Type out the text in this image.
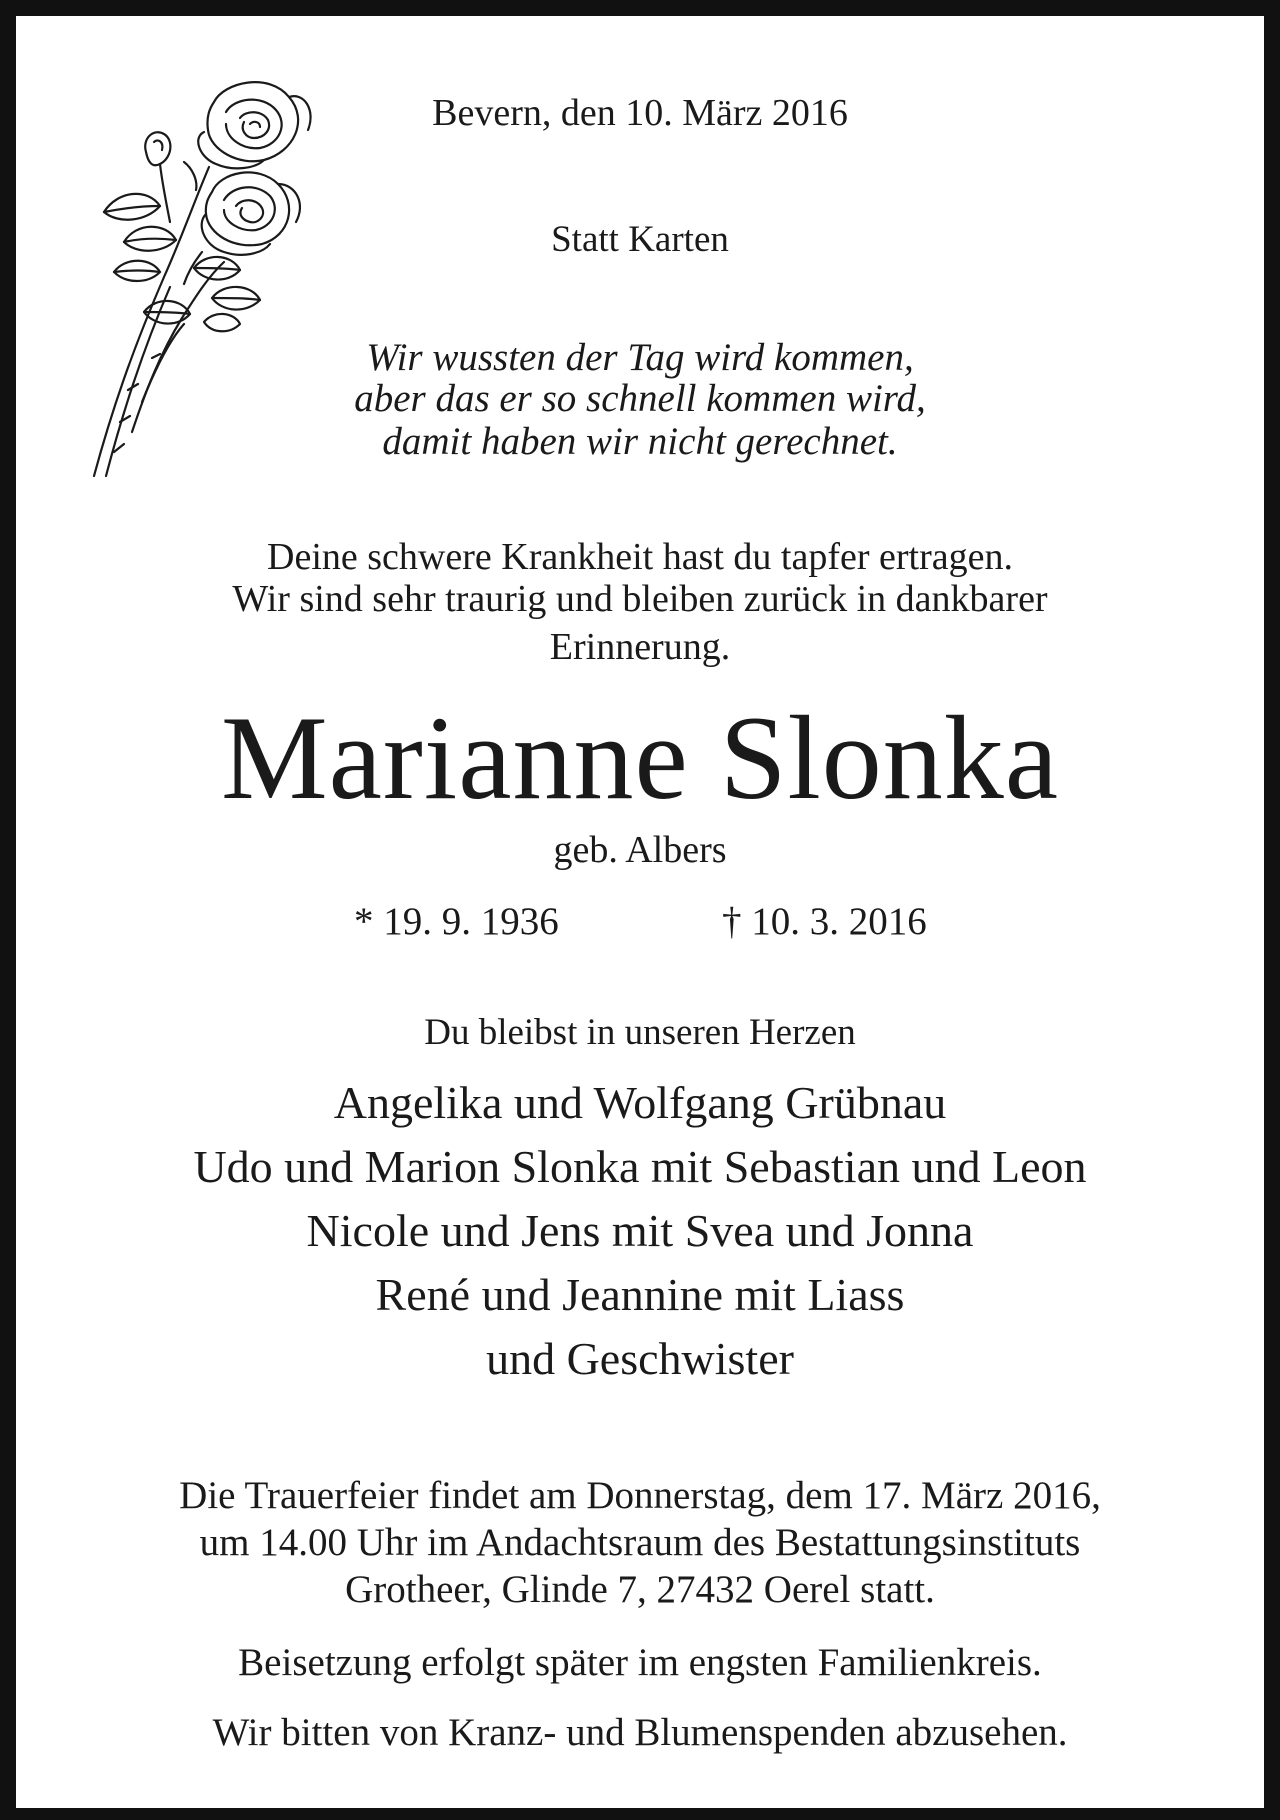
Bevern, den 10. März 2016
Statt Karten
Wir wussten der Tag wird kommen,
aber das er so schnell kommen wird,
damit haben wir nicht gerechnet.
Deine schwere Krankheit hast du tapfer ertragen.
Wir sind sehr traurig und bleiben zurück in dankbarer
Erinnerung.
Marianne Slonka
geb. Albers
* 19. 9. 1936	† 10. 3. 2016
Du bleibst in unseren Herzen
Angelika und Wolfgang Grübnau
Udo und Marion Slonka mit Sebastian und Leon
Nicole und Jens mit Svea und Jonna
René und Jeannine mit Liass
und Geschwister
Die Trauerfeier findet am Donnerstag, dem 17. März 2016,
um 14.00 Uhr im Andachtsraum des Bestattungsinstituts
Grotheer, Glinde 7, 27432 Oerel statt.
Beisetzung erfolgt später im engsten Familienkreis.
Wir bitten von Kranz- und Blumenspenden abzusehen.
